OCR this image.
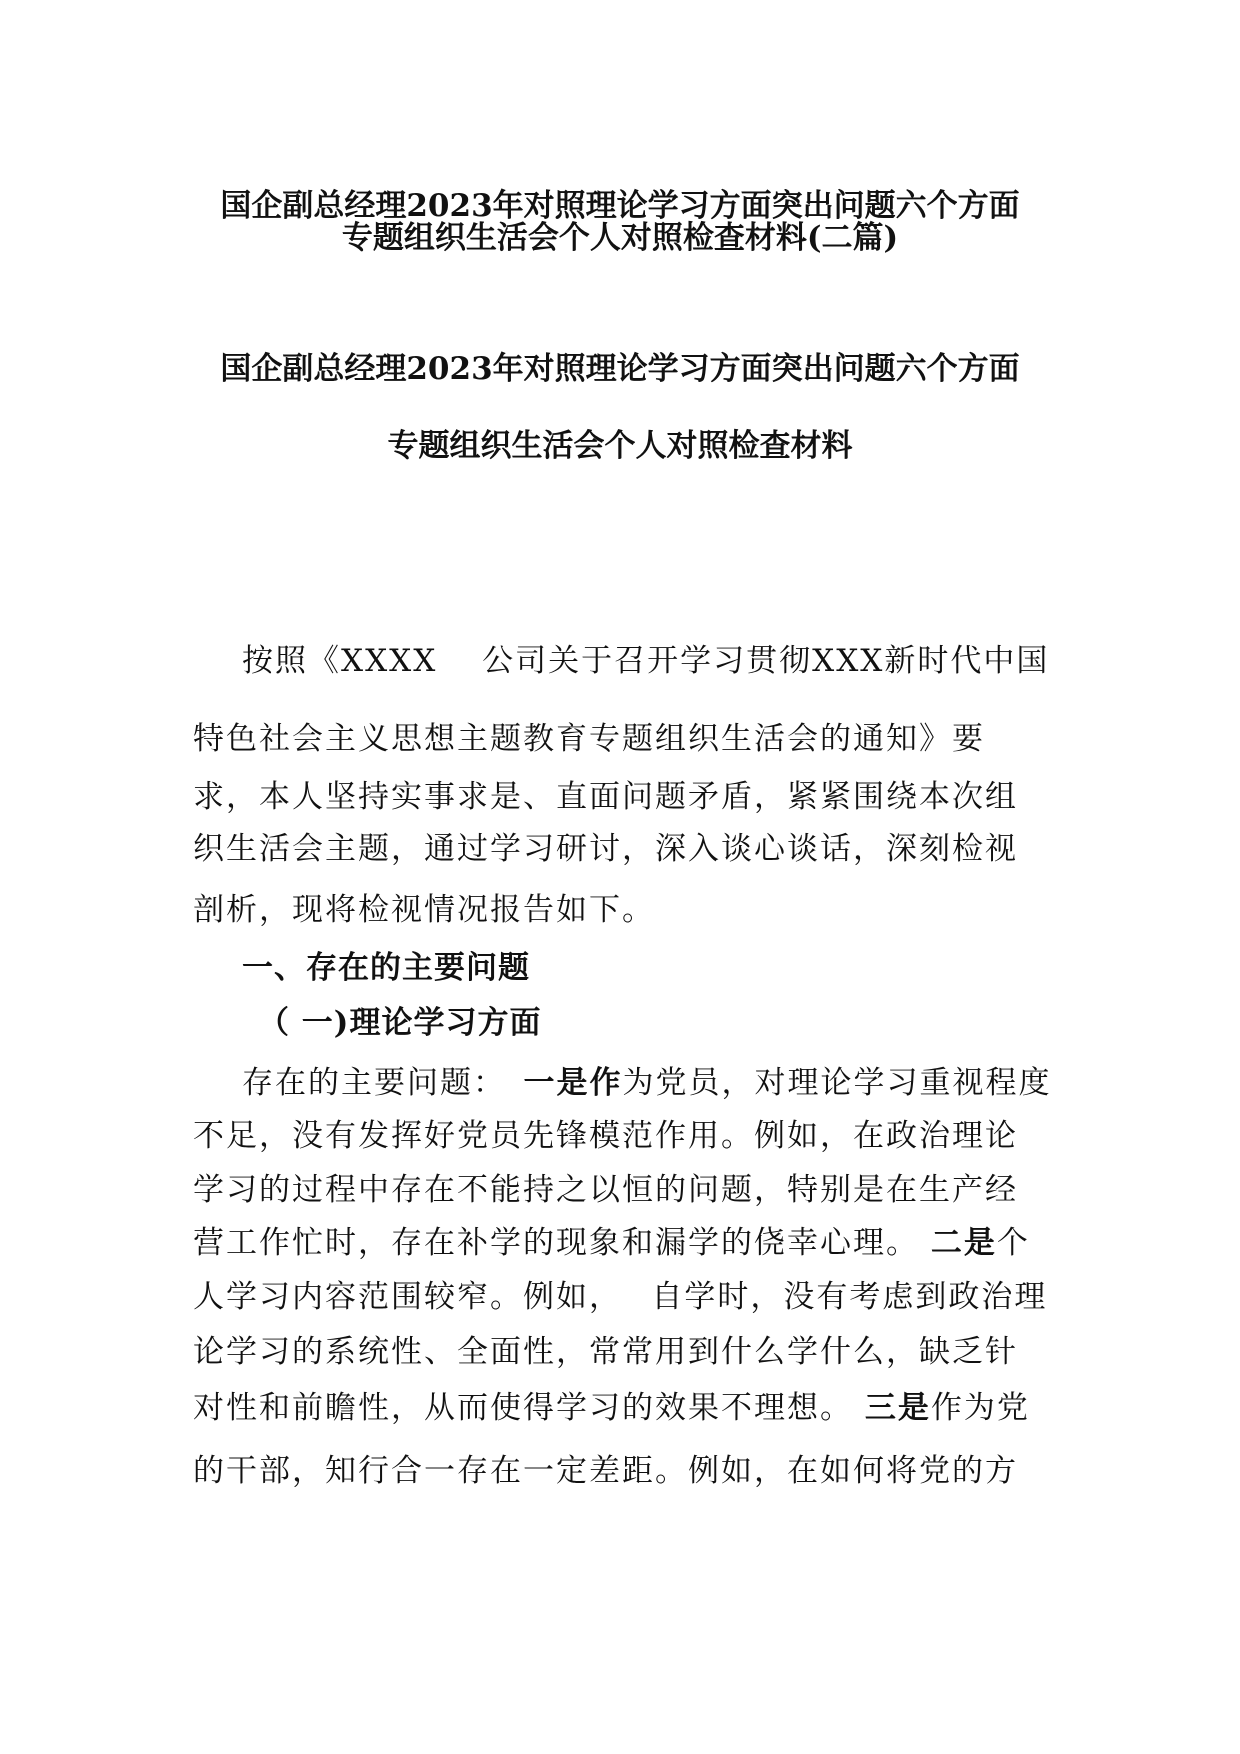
国企副总经理2023年对照理论学习方面突出问题六个方面
专题组织生活会个人对照检查材料(二篇)
国企副总经理2023年对照理论学习方面突出问题六个方面
专题组织生活会个人对照检查材料
按照《XXXX　 公司关于召开学习贯彻XXX新时代中国
特色社会主义思想主题教育专题组织生活会的通知》要
求，本人坚持实事求是、直面问题矛盾，紧紧围绕本次组
织生活会主题，通过学习研讨，深入谈心谈话，深刻检视
剖析，现将检视情况报告如下。
一、存在的主要问题
（ 一)理论学习方面
存在的主要问题：　一是作为党员，对理论学习重视程度
不足，没有发挥好党员先锋模范作用。例如，在政治理论
学习的过程中存在不能持之以恒的问题，特别是在生产经
营工作忙时，存在补学的现象和漏学的侥幸心理。 二是个
人学习内容范围较窄。例如，　 自学时，没有考虑到政治理
论学习的系统性、全面性，常常用到什么学什么，缺乏针
对性和前瞻性，从而使得学习的效果不理想。 三是作为党
的干部，知行合一存在一定差距。例如，在如何将党的方
